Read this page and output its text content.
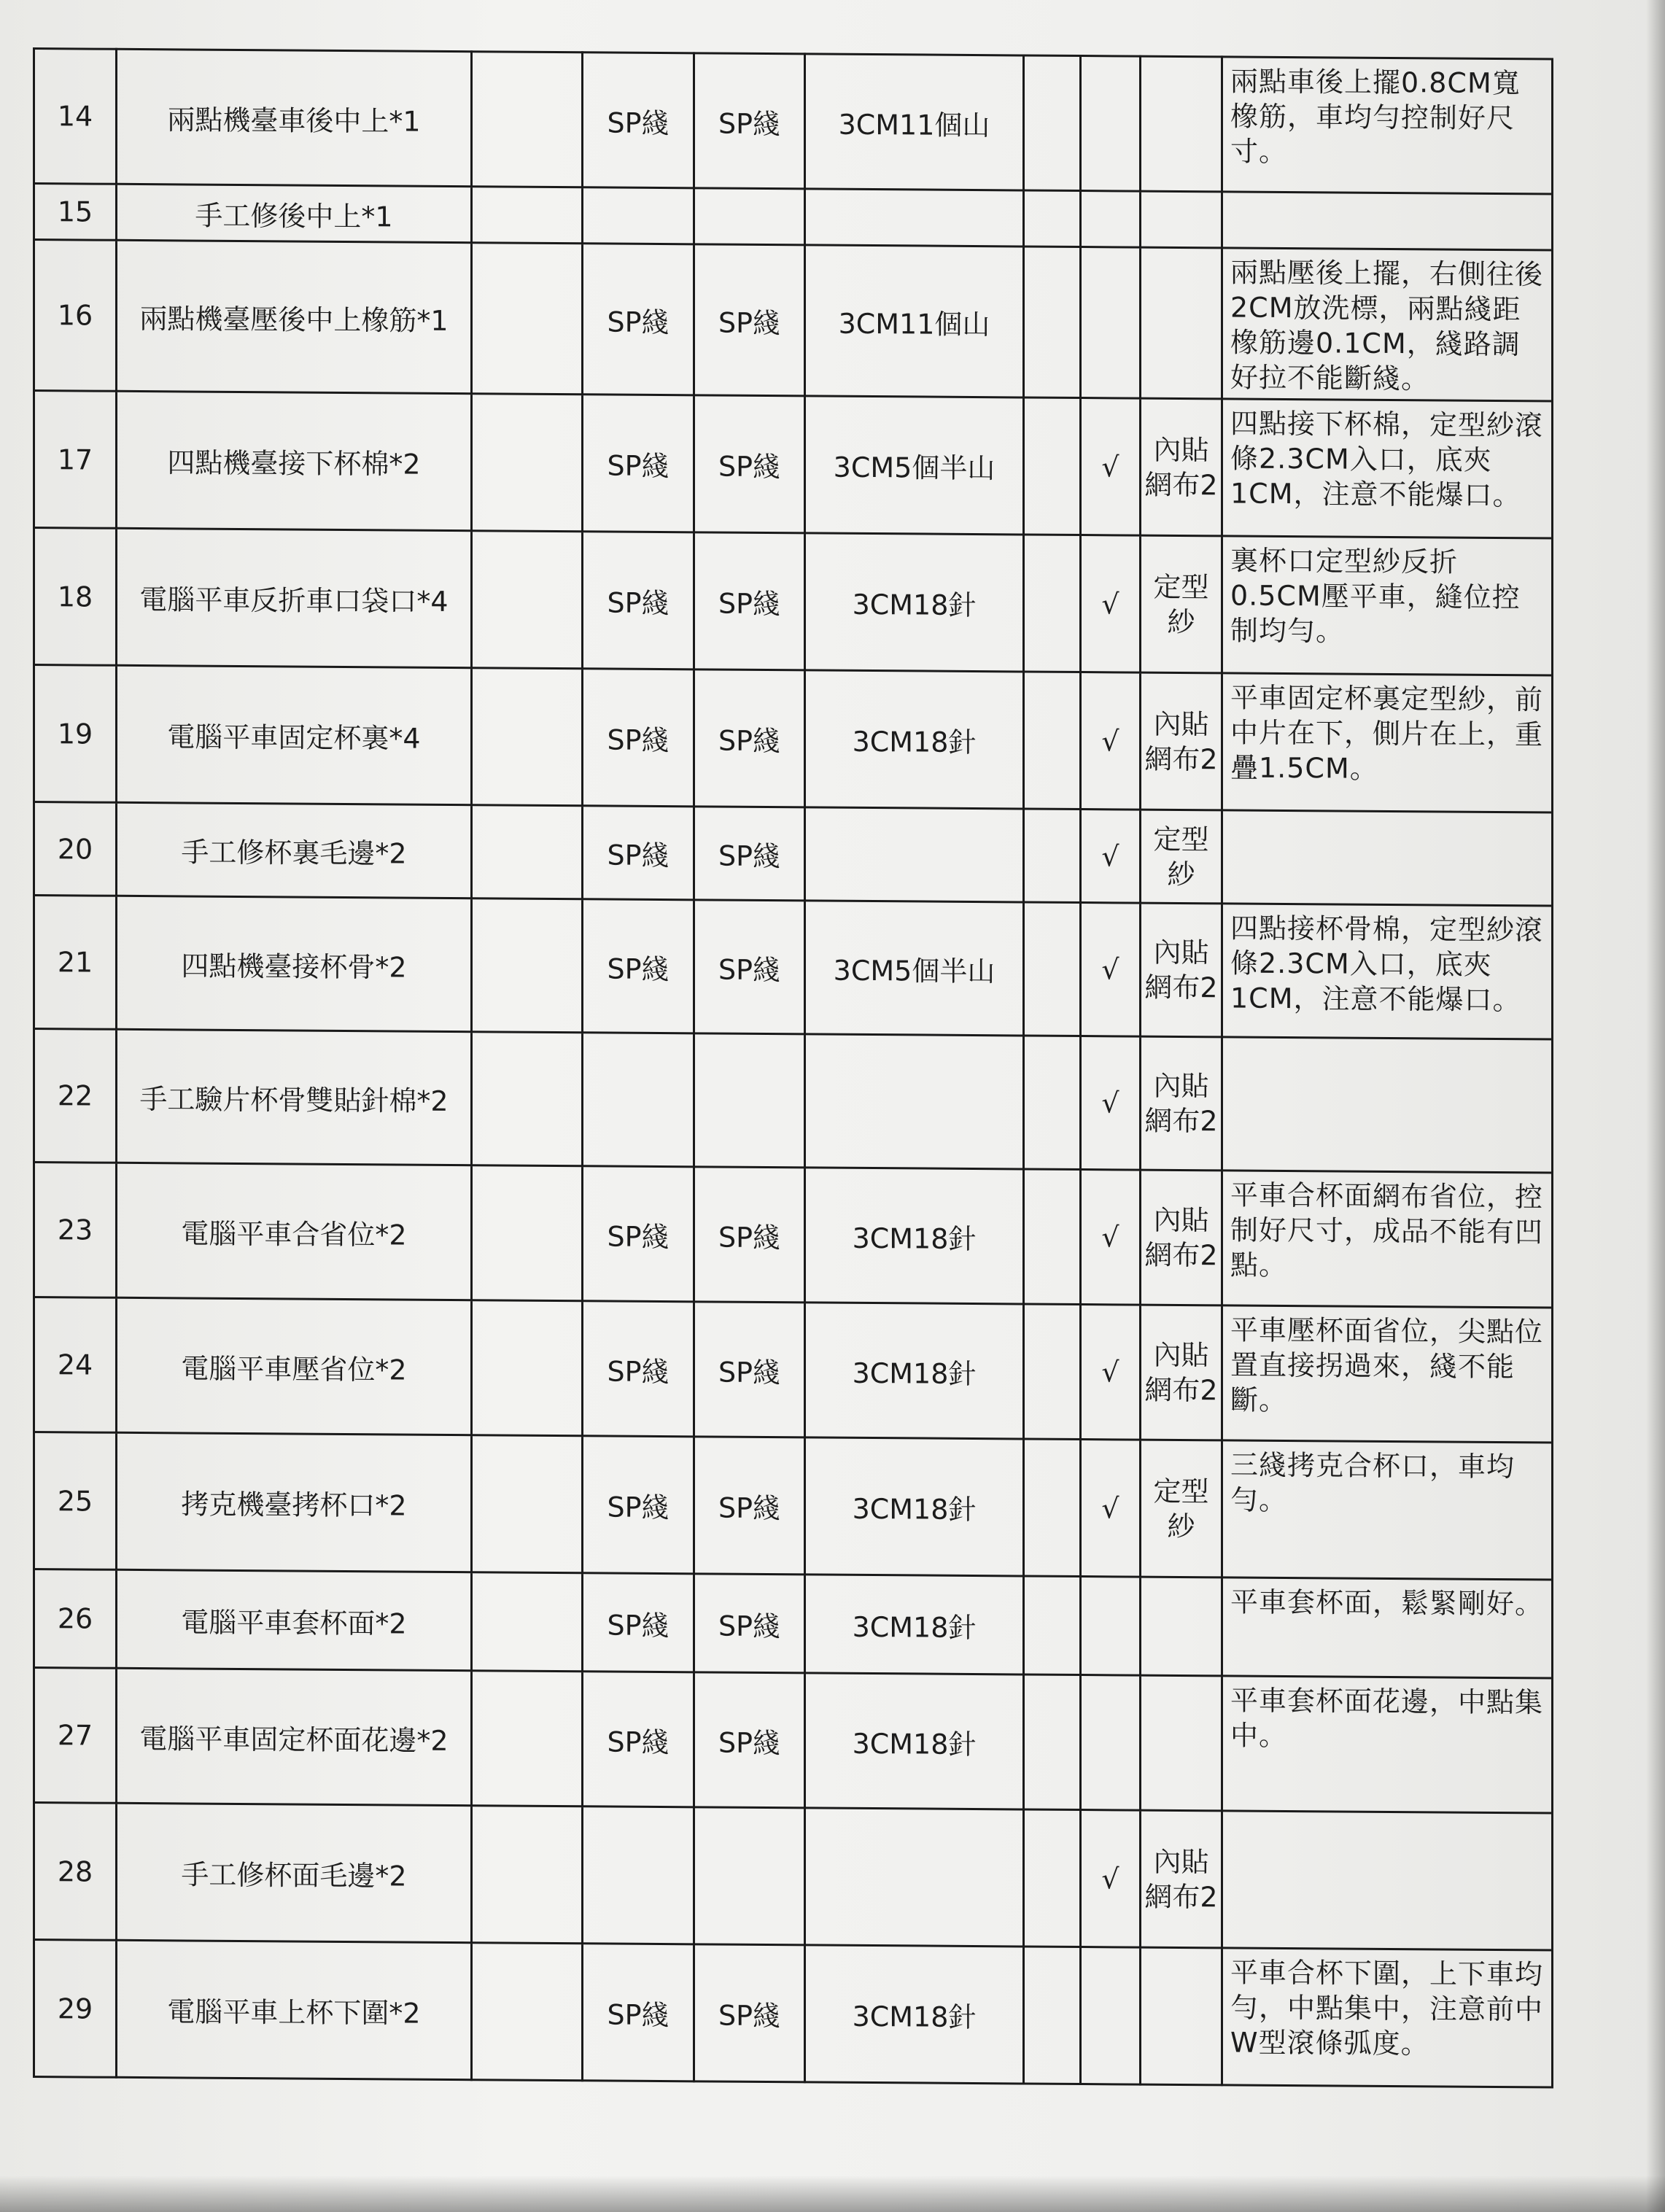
14	兩點機臺車後中上*1		SP綫	SP綫	3CM11個山				兩點車後上擺0.8CM寬橡筋，車均勻控制好尺寸。
15	手工修後中上*1								
16	兩點機臺壓後中上橡筋*1		SP綫	SP綫	3CM11個山				兩點壓後上擺，右側往後2CM放洗標，兩點綫距橡筋邊0.1CM，綫路調好拉不能斷綫。
17	四點機臺接下杯棉*2		SP綫	SP綫	3CM5個半山		√	內貼網布2	四點接下杯棉，定型紗滾條2.3CM入口，底夾1CM，注意不能爆口。
18	電腦平車反折車口袋口*4		SP綫	SP綫	3CM18針		√	定型紗	裏杯口定型紗反折0.5CM壓平車，縫位控制均勻。
19	電腦平車固定杯裏*4		SP綫	SP綫	3CM18針		√	內貼網布2	平車固定杯裏定型紗，前中片在下，側片在上，重疊1.5CM。
20	手工修杯裏毛邊*2		SP綫	SP綫			√	定型紗	
21	四點機臺接杯骨*2		SP綫	SP綫	3CM5個半山		√	內貼網布2	四點接杯骨棉，定型紗滾條2.3CM入口，底夾1CM，注意不能爆口。
22	手工驗片杯骨雙貼針棉*2						√	內貼網布2	
23	電腦平車合省位*2		SP綫	SP綫	3CM18針		√	內貼網布2	平車合杯面網布省位，控制好尺寸，成品不能有凹點。
24	電腦平車壓省位*2		SP綫	SP綫	3CM18針		√	內貼網布2	平車壓杯面省位，尖點位置直接拐過來，綫不能斷。
25	拷克機臺拷杯口*2		SP綫	SP綫	3CM18針		√	定型紗	三綫拷克合杯口，車均勻。
26	電腦平車套杯面*2		SP綫	SP綫	3CM18針				平車套杯面，鬆緊剛好。
27	電腦平車固定杯面花邊*2		SP綫	SP綫	3CM18針				平車套杯面花邊，中點集中。
28	手工修杯面毛邊*2						√	內貼網布2	
29	電腦平車上杯下圍*2		SP綫	SP綫	3CM18針				平車合杯下圍，上下車均勻，中點集中，注意前中W型滾條弧度。
